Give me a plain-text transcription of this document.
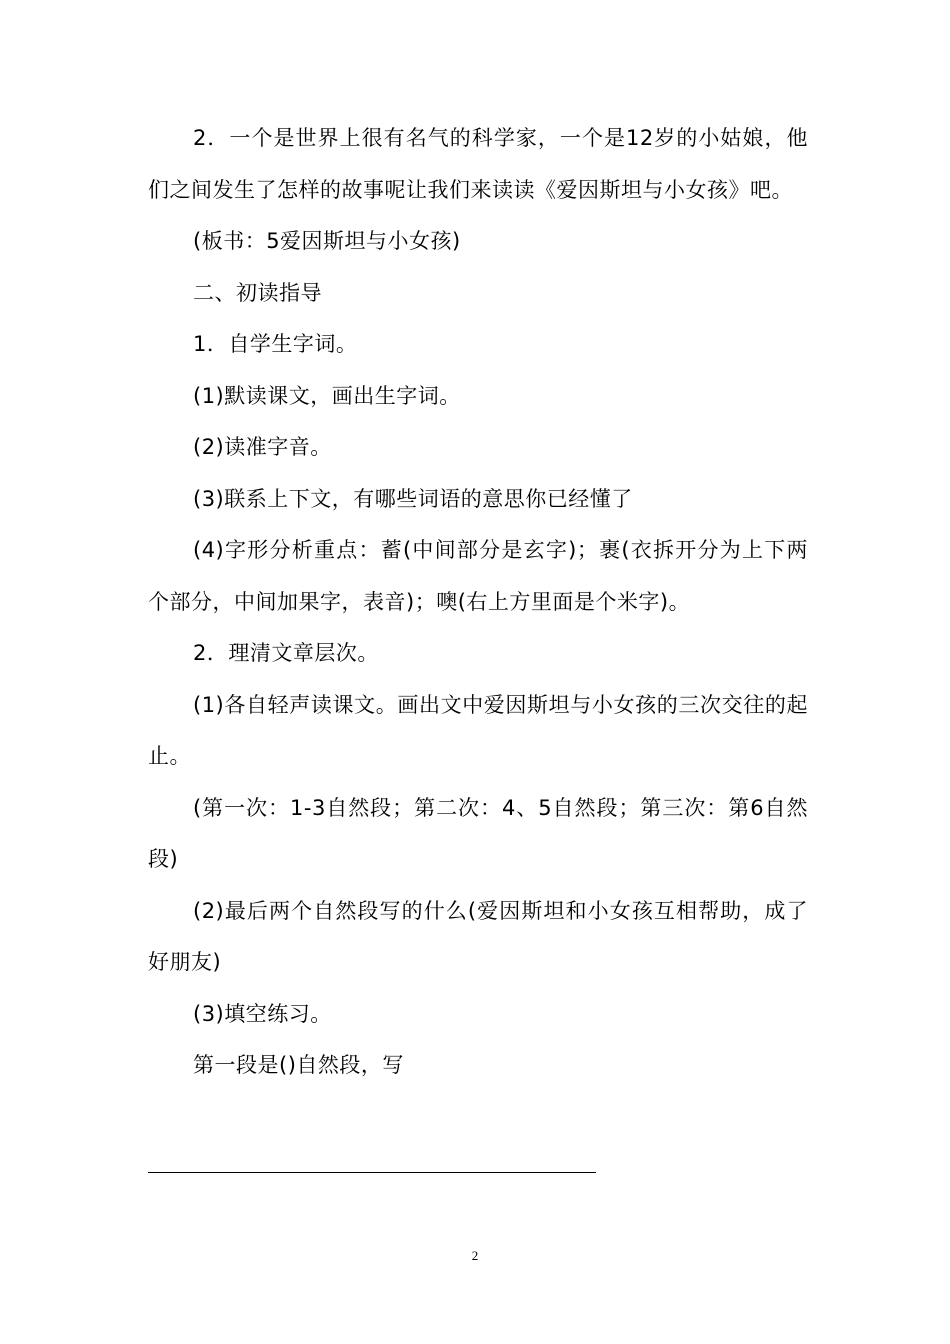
2．一个是世界上很有名气的科学家，一个是12岁的小姑娘，他们之间发生了怎样的故事呢让我们来读读《爱因斯坦与小女孩》吧。

(板书：5爱因斯坦与小女孩)

二、初读指导

1．自学生字词。

(1)默读课文，画出生字词。

(2)读准字音。

(3)联系上下文，有哪些词语的意思你已经懂了

(4)字形分析重点：蓄(中间部分是玄字)；裹(衣拆开分为上下两个部分，中间加果字，表音)；噢(右上方里面是个米字)。

2．理清文章层次。

(1)各自轻声读课文。画出文中爱因斯坦与小女孩的三次交往的起止。

(第一次：1-3自然段；第二次：4、5自然段；第三次：第6自然段)

(2)最后两个自然段写的什么(爱因斯坦和小女孩互相帮助，成了好朋友)

(3)填空练习。

第一段是()自然段，写

2
